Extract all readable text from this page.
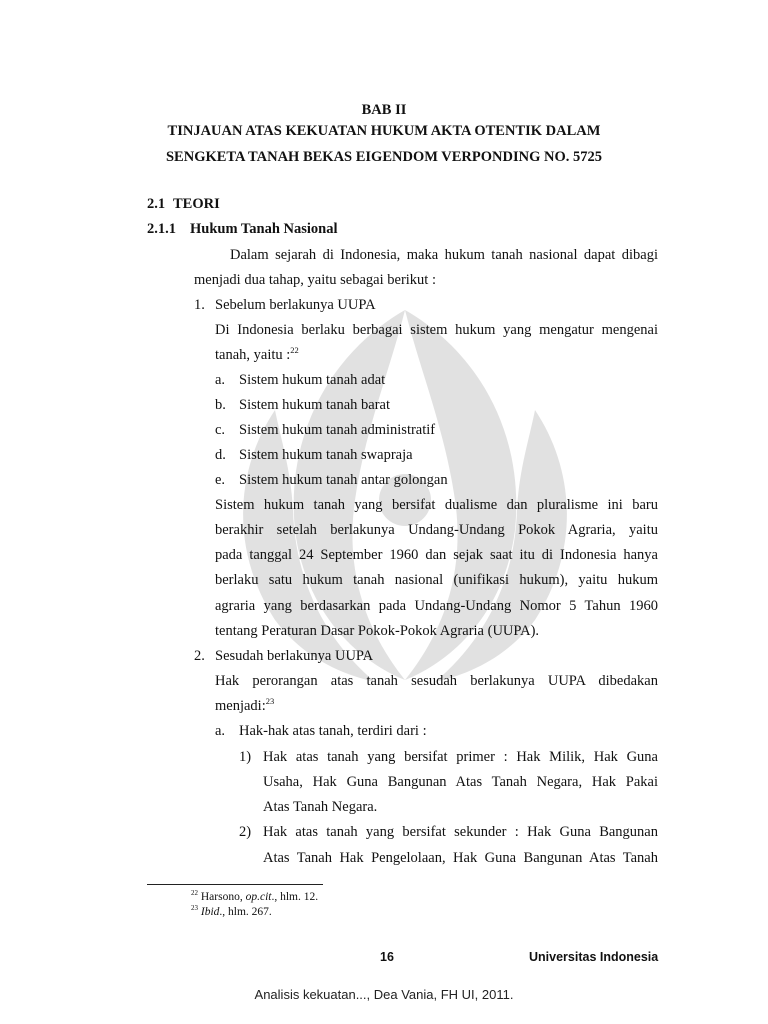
BAB II

TINJAUAN ATAS KEKUATAN HUKUM AKTA OTENTIK DALAM

SENGKETA TANAH BEKAS EIGENDOM VERPONDING NO. 5725

2.1 TEORI

2.1.1 Hukum Tanah Nasional

Dalam sejarah di Indonesia, maka hukum tanah nasional dapat dibagi

menjadi dua tahap, yaitu sebagai berikut :

1. Sebelum berlakunya UUPA

Di Indonesia berlaku berbagai sistem hukum yang mengatur mengenai

tanah, yaitu :$^{22}$

a. Sistem hukum tanah adat

b. Sistem hukum tanah barat

c. Sistem hukum tanah administratif

d. Sistem hukum tanah swapraja

e. Sistem hukum tanah antar golongan

Sistem hukum tanah yang bersifat dualisme dan pluralisme ini baru

berakhir setelah berlakunya Undang-Undang Pokok Agraria, yaitu

pada tanggal 24 September 1960 dan sejak saat itu di Indonesia hanya

berlaku satu hukum tanah nasional (unifikasi hukum), yaitu hukum

agraria yang berdasarkan pada Undang-Undang Nomor 5 Tahun 1960

tentang Peraturan Dasar Pokok-Pokok Agraria (UUPA).

2. Sesudah berlakunya UUPA

Hak perorangan atas tanah sesudah berlakunya UUPA dibedakan

menjadi:$^{23}$

a. Hak-hak atas tanah, terdiri dari :

1) Hak atas tanah yang bersifat primer : Hak Milik, Hak Guna

Usaha, Hak Guna Bangunan Atas Tanah Negara, Hak Pakai

Atas Tanah Negara.

2) Hak atas tanah yang bersifat sekunder : Hak Guna Bangunan

Atas Tanah Hak Pengelolaan, Hak Guna Bangunan Atas Tanah

$^{22}$ Harsono, op.cit., hlm. 12.

$^{23}$ Ibid., hlm. 267.

16	Universitas Indonesia

Analisis kekuatan..., Dea Vania, FH UI, 2011.
